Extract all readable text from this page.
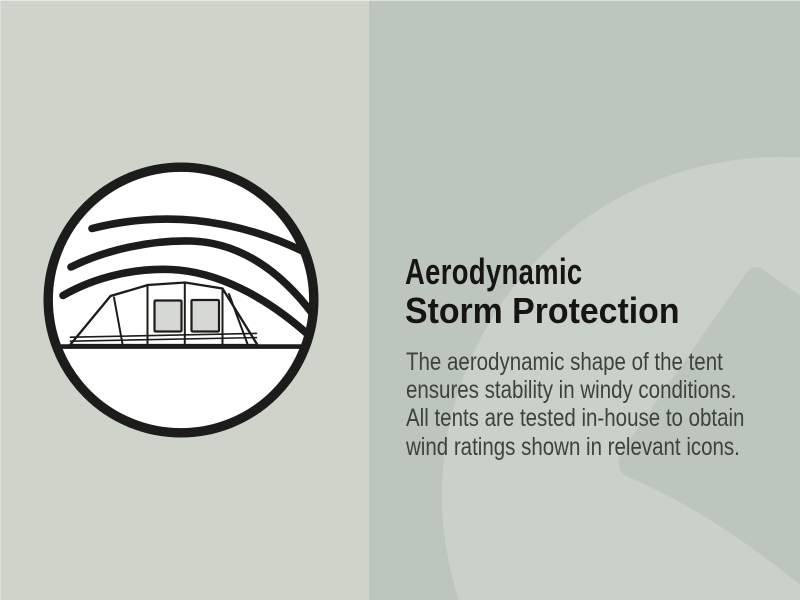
Aerodynamic
Storm Protection
The aerodynamic shape of the tent
ensures stability in windy conditions.
All tents are tested in-house to obtain
wind ratings shown in relevant icons.
